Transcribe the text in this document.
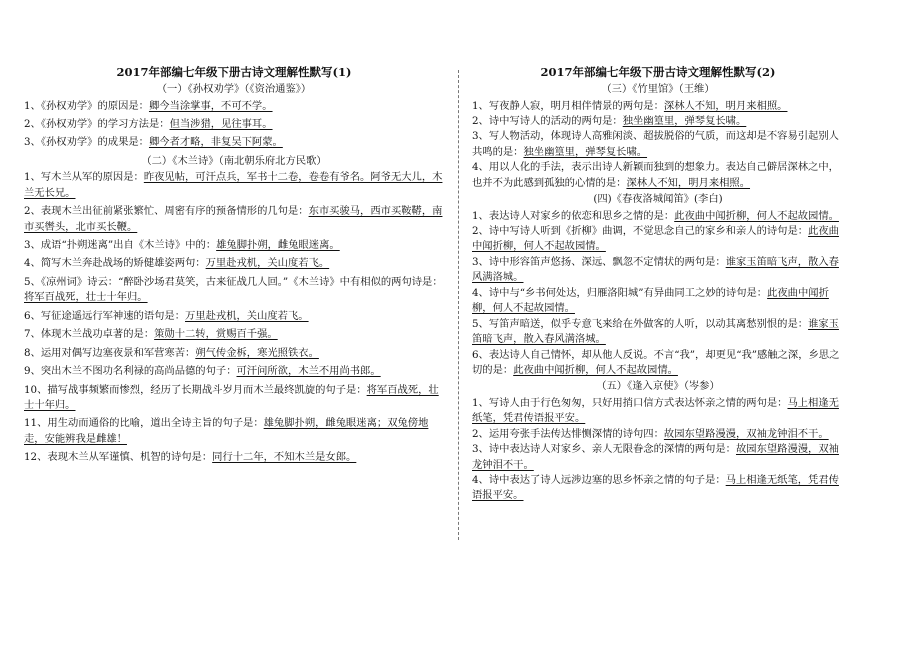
2017年部编七年级下册古诗文理解性默写(1)
（一）《孙权劝学》（《资治通鉴》）
1、《孙权劝学》的原因是：卿今当涂掌事，不可不学。
2、《孙权劝学》的学习方法是：但当涉猎，见往事耳。
3、《孙权劝学》的成果是：卿今者才略，非复吴下阿蒙。
（二）《木兰诗》（南北朝乐府北方民歌）
1、写木兰从军的原因是：昨夜见帖，可汗点兵，军书十二卷，卷卷有爷名。阿爷无大儿，木兰无长兄。
2、表现木兰出征前紧张繁忙、周密有序的预备情形的几句是：东市买骏马，西市买鞍鞯，南市买辔头，北市买长鞭。
3、成语“扑朔迷离”出自《木兰诗》中的：雄兔脚扑朔，雌兔眼迷离。
4、简写木兰奔赴战场的矫健雄姿两句：万里赴戎机，关山度若飞。
5、《凉州词》诗云：“醉卧沙场君莫笑，古来征战几人回。”《木兰诗》中有相似的两句诗是：将军百战死，壮士十年归。
6、写征途遥远行军神速的语句是：万里赴戎机，关山度若飞。
7、体现木兰战功卓著的是：策勋十二转，赏赐百千强。
8、运用对偶写边塞夜景和军营寒苦：朔气传金柝，寒光照铁衣。
9、突出木兰不图功名利禄的高尚品德的句子：可汗问所欲，木兰不用尚书郎。
10、描写战事频繁而惨烈，经历了长期战斗岁月而木兰最终凯旋的句子是：将军百战死，壮士十年归。
11、用生动而通俗的比喻，道出全诗主旨的句子是：雄兔脚扑朔，雌兔眼迷离；双兔傍地走，安能辨我是雌雄！
12、表现木兰从军谨慎、机智的诗句是：同行十二年，不知木兰是女郎。
2017年部编七年级下册古诗文理解性默写(2)
（三）《竹里馆》（王维）
1、写夜静人寂，明月相伴情景的两句是：深林人不知，明月来相照。
2、诗中写诗人的活动的两句是：独坐幽篁里，弹琴复长啸。
3、写人物活动，体现诗人高雅闲淡、超拔脱俗的气质，而这却是不容易引起别人共鸣的是：独坐幽篁里，弹琴复长啸。
4、用以人化的手法，表示出诗人新颖而独到的想象力。表达自己僻居深林之中，也并不为此感到孤独的心情的是：深林人不知，明月来相照。
(四)《春夜洛城闻笛》(李白)
1、表达诗人对家乡的依恋和思乡之情的是：此夜曲中闻折柳，何人不起故园情。
2、诗中写诗人听到《折柳》曲调，不觉思念自己的家乡和亲人的诗句是：此夜曲中闻折柳，何人不起故园情。
3、诗中形容笛声悠扬、深远、飘忽不定情状的两句是：谁家玉笛暗飞声，散入春风满洛城。
4、诗中与“乡书何处达，归雁洛阳城”有异曲同工之妙的诗句是：此夜曲中闻折柳，何人不起故园情。
5、写笛声暗送，似乎专意飞来给在外做客的人听，以动其离愁别恨的是：谁家玉笛暗飞声，散入春风满洛城。
6、表达诗人自己情怀，却从他人反说。不言“我”，却更见“我”感触之深，乡思之切的是：此夜曲中闻折柳，何人不起故园情。
（五）《逢入京使》（岑参）
1、写诗人由于行色匆匆，只好用捎口信方式表达怀亲之情的两句是：马上相逢无纸笔，凭君传语报平安。
2、运用夸张手法传达悱恻深情的诗句四：故园东望路漫漫，双袖龙钟泪不干。
3、诗中表达诗人对家乡、亲人无限眷念的深情的两句是：故园东望路漫漫，双袖龙钟泪不干。
4、诗中表达了诗人远涉边塞的思乡怀亲之情的句子是：马上相逢无纸笔，凭君传语报平安。
